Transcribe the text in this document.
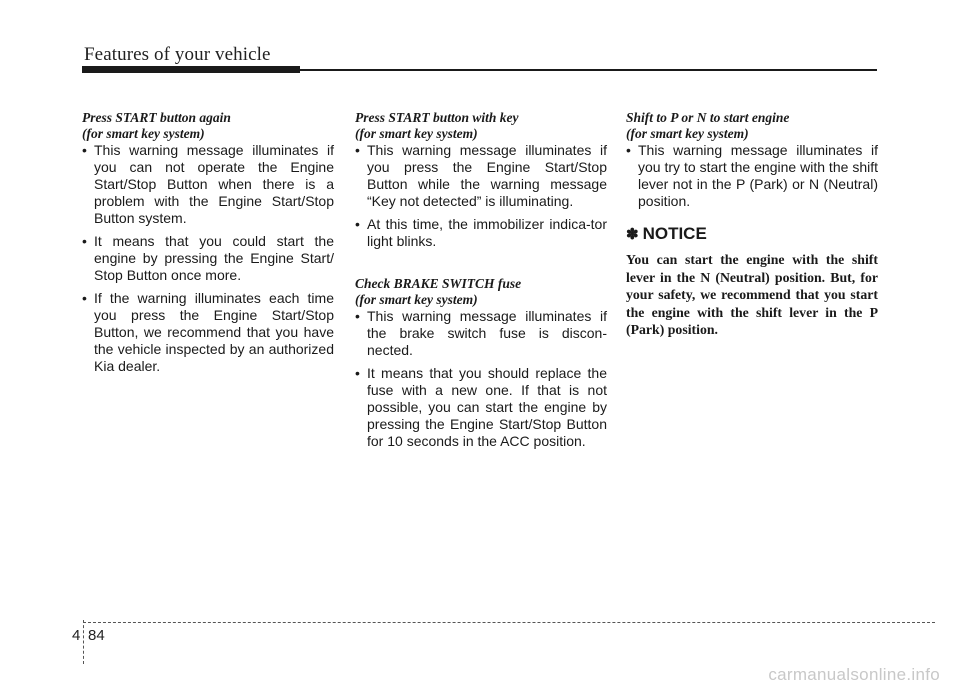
Features of your vehicle
Press START button again
(for smart key system)
• This warning message illuminates if you can not operate the Engine Start/Stop Button when there is a problem with the Engine Start/Stop Button system.
• It means that you could start the engine by pressing the Engine Start/ Stop Button once more.
• If the warning illuminates each time you press the Engine Start/Stop Button, we recommend that you have the vehicle inspected by an authorized Kia dealer.
Press START button with key
(for smart key system)
• This warning message illuminates if you press the Engine Start/Stop Button while the warning message “Key not detected” is illuminating.
• At this time, the immobilizer indica-tor light blinks.
Check BRAKE SWITCH fuse
(for smart key system)
• This warning message illuminates if the brake switch fuse is discon-nected.
• It means that you should replace the fuse with a new one. If that is not possible, you can start the engine by pressing the Engine Start/Stop Button for 10 seconds in the ACC position.
Shift to P or N to start engine
(for smart key system)
• This warning message illuminates if you try to start the engine with the shift lever not in the P (Park) or N (Neutral) position.
✽ NOTICE
You can start the engine with the shift lever in the N (Neutral) position. But, for your safety, we recommend that you start the engine with the shift lever in the P (Park) position.
4 84
carmanualsonline.info
